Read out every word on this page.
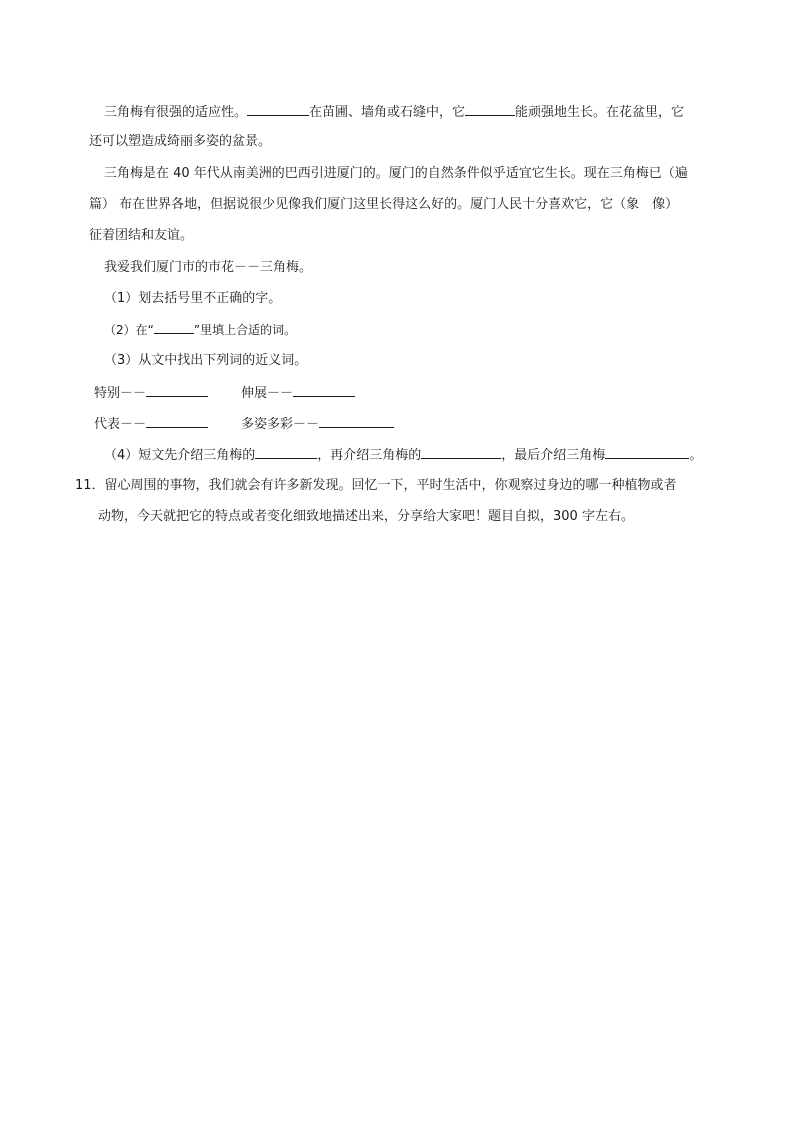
三角梅有很强的适应性。	在苗圃、墙角或石缝中，它	能顽强地生长。在花盆里，它
还可以塑造成绮丽多姿的盆景。
三角梅是在 40 年代从南美洲的巴西引进厦门的。厦门的自然条件似乎适宜它生长。现在三角梅已（遍
篇） 布在世界各地，但据说很少见像我们厦门这里长得这么好的。厦门人民十分喜欢它，它（象　像）
征着团结和友谊。
我爱我们厦门市的市花－－三角梅。
（1）划去括号里不正确的字。
（2）在“	”里填上合适的词。
（3）从文中找出下列词的近义词。
特别－－	伸展－－
代表－－	多姿多彩－－
（4）短文先介绍三角梅的	，再介绍三角梅的	，最后介绍三角梅	。
11．留心周围的事物，我们就会有许多新发现。回忆一下，平时生活中，你观察过身边的哪一种植物或者
动物，今天就把它的特点或者变化细致地描述出来，分享给大家吧！题目自拟，300 字左右。
